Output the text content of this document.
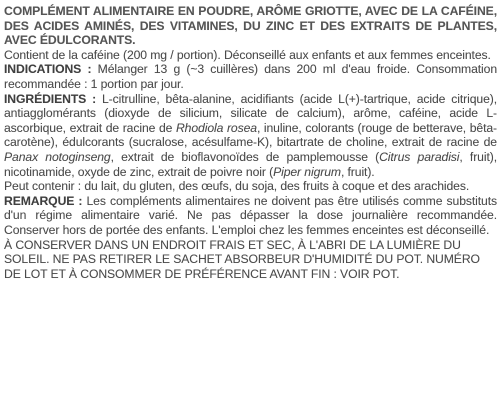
COMPLÉMENT ALIMENTAIRE EN POUDRE, ARÔME GRIOTTE, AVEC DE LA CAFÉINE, DES ACIDES AMINÉS, DES VITAMINES, DU ZINC ET DES EXTRAITS DE PLANTES, AVEC ÉDULCORANTS.

Contient de la caféine (200 mg / portion). Déconseillé aux enfants et aux femmes enceintes.

INDICATIONS : Mélanger 13 g (~3 cuillères) dans 200 ml d'eau froide. Consommation recommandée : 1 portion par jour.

INGRÉDIENTS : L-citrulline, bêta-alanine, acidifiants (acide L(+)-tartrique, acide citrique), antiagglomérants (dioxyde de silicium, silicate de calcium), arôme, caféine, acide L-ascorbique, extrait de racine de Rhodiola rosea, inuline, colorants (rouge de betterave, bêta-carotène), édulcorants (sucralose, acésulfame-K), bitartrate de choline, extrait de racine de Panax notoginseng, extrait de bioflavonoïdes de pamplemousse (Citrus paradisi, fruit), nicotinamide, oxyde de zinc, extrait de poivre noir (Piper nigrum, fruit).

Peut contenir : du lait, du gluten, des œufs, du soja, des fruits à coque et des arachides.

REMARQUE : Les compléments alimentaires ne doivent pas être utilisés comme substituts d'un régime alimentaire varié. Ne pas dépasser la dose journalière recommandée. Conserver hors de portée des enfants. L'emploi chez les femmes enceintes est déconseillé.

À CONSERVER DANS UN ENDROIT FRAIS ET SEC, À L'ABRI DE LA LUMIÈRE DU SOLEIL. NE PAS RETIRER LE SACHET ABSORBEUR D'HUMIDITÉ DU POT. NUMÉRO DE LOT ET À CONSOMMER DE PRÉFÉRENCE AVANT FIN : VOIR POT.
